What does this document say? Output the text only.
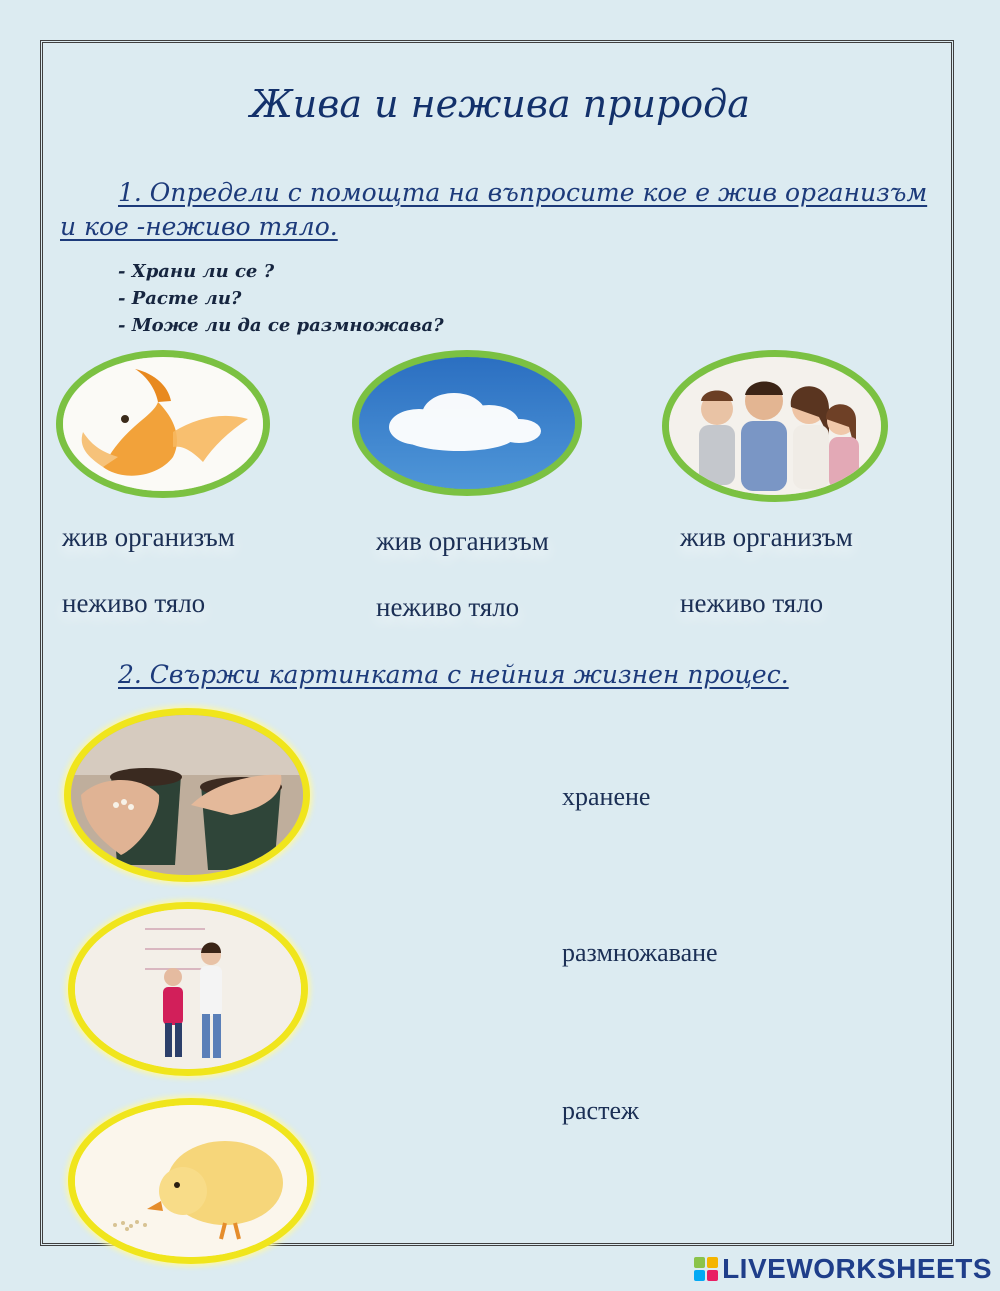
Жива и нежива природа
1. Определи с помощта на въпросите кое е жив организъм
и кое -неживо тяло.
- Храни ли се ?
- Расте ли?
- Може ли да се размножава?
жив организъм
неживо тяло
жив организъм
неживо тяло
жив организъм
неживо тяло
2. Свържи картинката с нейния жизнен процес.
хранене
размножаване
растеж
LIVEWORKSHEETS
